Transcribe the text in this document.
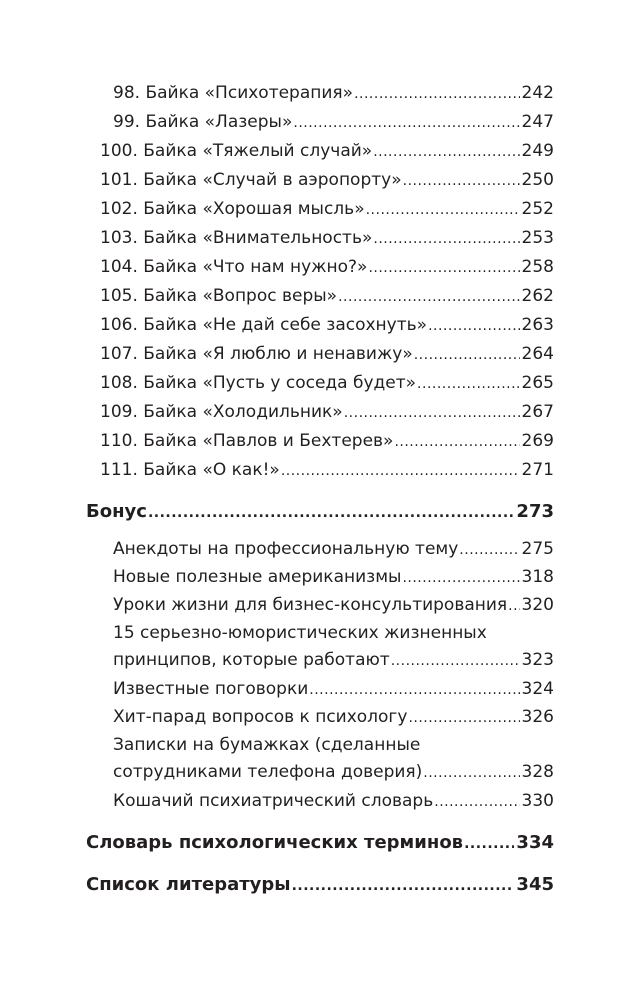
98. Байка «Психотерапия» .....	242
99. Байка «Лазеры» .....	247
100. Байка «Тяжелый случай» .....	249
101. Байка «Случай в аэропорту» .....	250
102. Байка «Хорошая мысль» .....	252
103. Байка «Внимательность» .....	253
104. Байка «Что нам нужно?» .....	258
105. Байка «Вопрос веры» .....	262
106. Байка «Не дай себе засохнуть» .....	263
107. Байка «Я люблю и ненавижу» .....	264
108. Байка «Пусть у соседа будет» .....	265
109. Байка «Холодильник» .....	267
110. Байка «Павлов и Бехтерев» .....	269
111. Байка «О как!» .....	271
Бонус .....	273
Анекдоты на профессиональную тему .....	275
Новые полезные американизмы .....	318
Уроки жизни для бизнес-консультирования ..... 320
15 серьезно-юмористических жизненных
принципов, которые работают .....	323
Известные поговорки .....	324
Хит-парад вопросов к психологу .....	326
Записки на бумажках (сделанные
сотрудниками телефона доверия) .....	328
Кошачий психиатрический словарь .....	330
Словарь психологических терминов .....	334
Список литературы .....	345
